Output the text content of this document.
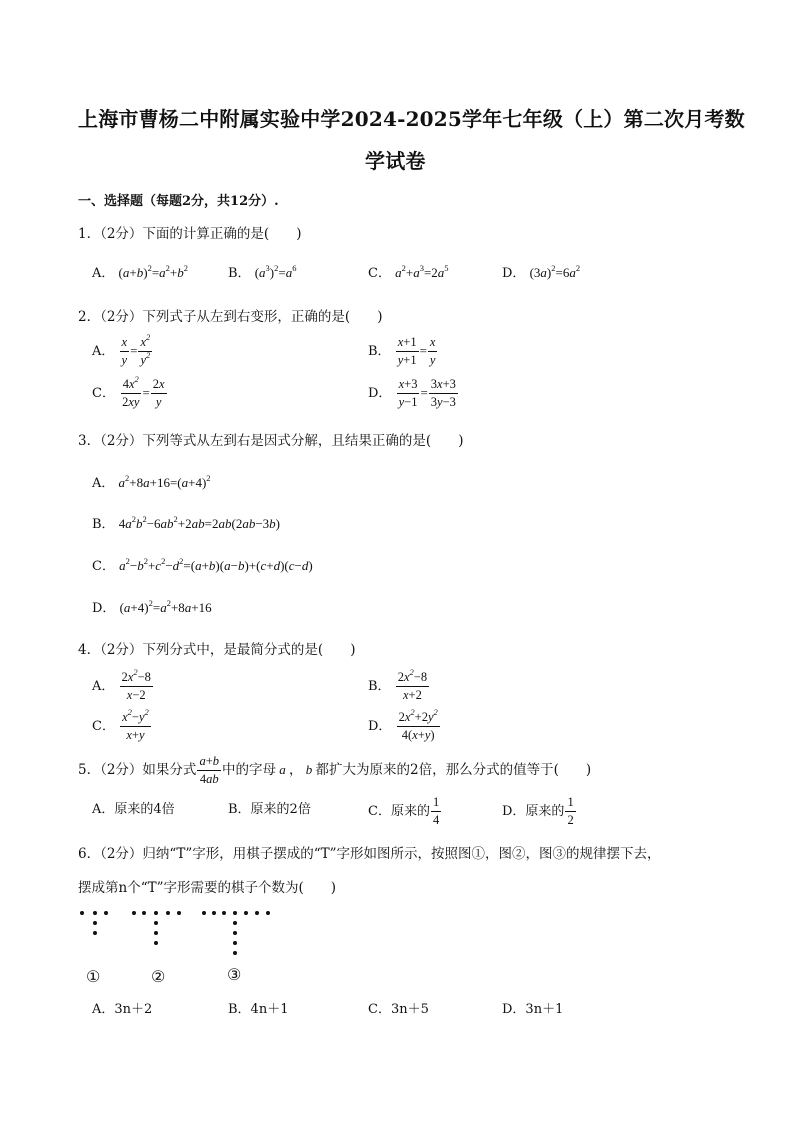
上海市曹杨二中附属实验中学2024-2025学年七年级（上）第二次月考数
学试卷
一、选择题（每题2分，共12分）.
1．（2分）下面的计算正确的是(　　)
A． $(a+b)^2=a^2+b^2$	B． $(a^3)^2=a^6$	C． $a^2+a^3=2a^5$	D． $(3a)^2=6a^2$
2．（2分）下列式子从左到右变形，正确的是(　　)
A． $\frac{x}{y} = \frac{x^2}{y^2}$	B． $\frac{x+1}{y+1} = \frac{x}{y}$
C． $\frac{4x^2}{2xy} = \frac{2x}{y}$	D． $\frac{x+3}{y-1} = \frac{3x+3}{3y-3}$
3．（2分）下列等式从左到右是因式分解，且结果正确的是(　　)
A． $a^2+8a+16=(a+4)^2$
B． $4a^2b^2-6ab^2+2ab=2ab(2ab-3b)$
C． $a^2-b^2+c^2-d^2=(a+b)(a-b)+(c+d)(c-d)$
D． $(a+4)^2=a^2+8a+16$
4．（2分）下列分式中，是最简分式的是(　　)
A． $\frac{2x^2-8}{x-2}$	B． $\frac{2x^2-8}{x+2}$
C． $\frac{x^2-y^2}{x+y}$	D． $\frac{2x^2+2y^2}{4(x+y)}$
5．（2分）如果分式 $\frac{a+b}{4ab}$ 中的字母 a ， b 都扩大为原来的2倍，那么分式的值等于(　　)
A．原来的4倍	B．原来的2倍	C．原来的 $\frac{1}{4}$	D．原来的 $\frac{1}{2}$
6．（2分）归纳“T”字形，用棋子摆成的“T”字形如图所示，按照图①，图②，图③的规律摆下去，
摆成第n个“T”字形需要的棋子个数为(　　)
①	②	③
A．3n＋2	B．4n＋1	C．3n＋5	D．3n＋1
